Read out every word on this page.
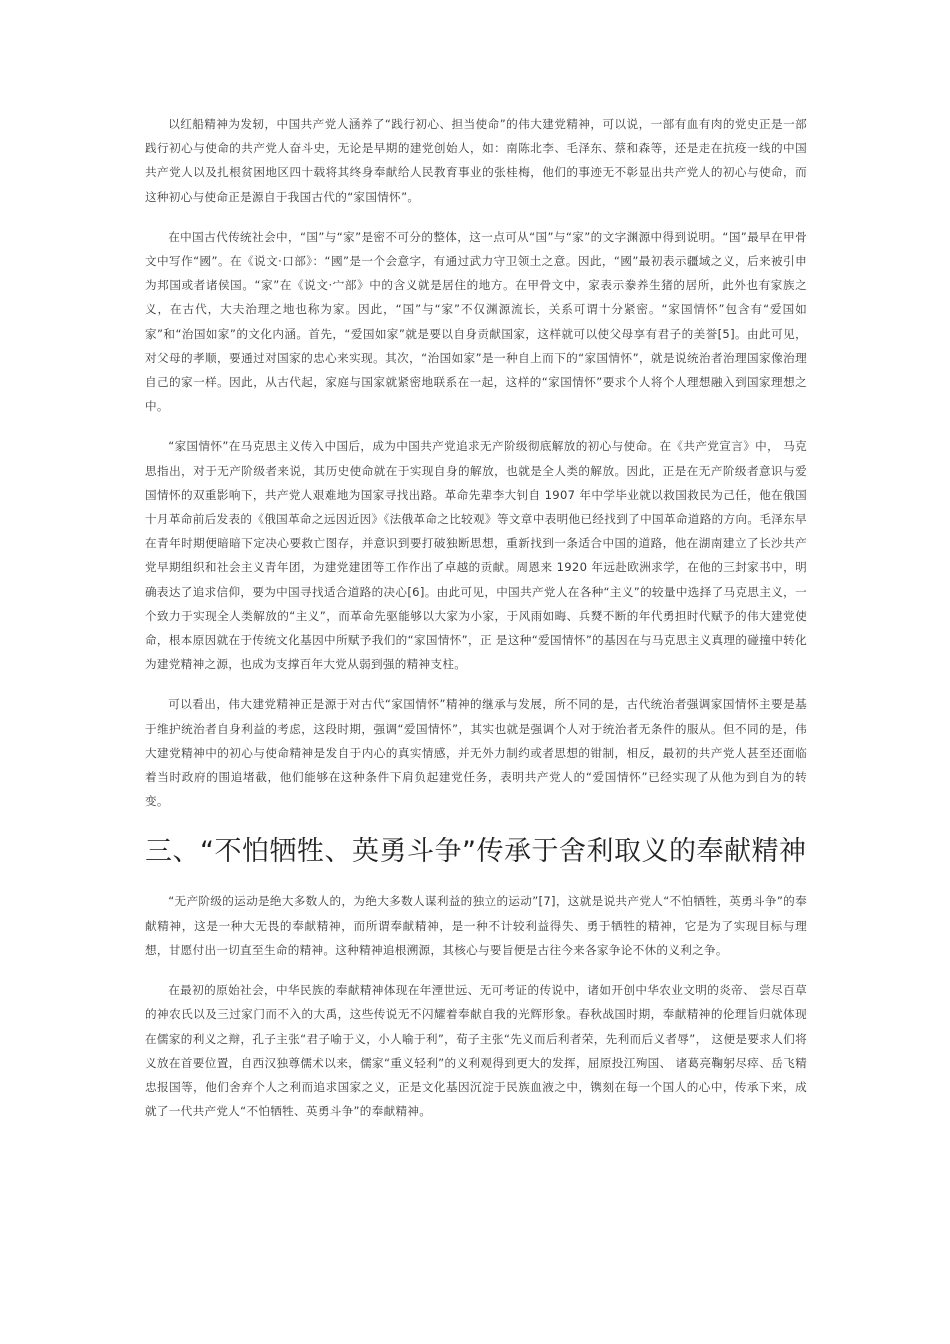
以红船精神为发轫，中国共产党人涵养了“践行初心、担当使命”的伟大建党精神，可以说，一部有血有肉的党史正是一部践行初心与使命的共产党人奋斗史，无论是早期的建党创始人，如：南陈北李、毛泽东、蔡和森等，还是走在抗疫一线的中国共产党人以及扎根贫困地区四十载将其终身奉献给人民教育事业的张桂梅，他们的事迹无不彰显出共产党人的初心与使命，而这种初心与使命正是源自于我国古代的“家国情怀”。

在中国古代传统社会中，“国”与“家”是密不可分的整体，这一点可从“国”与“家”的文字渊源中得到说明。“国”最早在甲骨文中写作“國”。在《说文·口部》：“國”是一个会意字，有通过武力守卫领土之意。因此，“國”最初表示疆域之义，后来被引申为邦国或者诸侯国。“家”在《说文·宀部》中的含义就是居住的地方。在甲骨文中，家表示豢养生猪的居所，此外也有家族之义，在古代，大夫治理之地也称为家。因此，“国”与“家”不仅渊源流长，关系可谓十分紧密。“家国情怀”包含有“爱国如家”和“治国如家”的文化内涵。首先，“爱国如家”就是要以自身贡献国家，这样就可以使父母享有君子的美誉[5]。由此可见，对父母的孝顺，要通过对国家的忠心来实现。其次，“治国如家”是一种自上而下的“家国情怀”，就是说统治者治理国家像治理自己的家一样。因此，从古代起，家庭与国家就紧密地联系在一起，这样的“家国情怀”要求个人将个人理想融入到国家理想之中。

“家国情怀”在马克思主义传入中国后，成为中国共产党追求无产阶级彻底解放的初心与使命。在《共产党宣言》中， 马克思指出，对于无产阶级者来说，其历史使命就在于实现自身的解放，也就是全人类的解放。因此，正是在无产阶级者意识与爱国情怀的双重影响下，共产党人艰难地为国家寻找出路。革命先辈李大钊自 1907 年中学毕业就以救国救民为己任，他在俄国十月革命前后发表的《俄国革命之远因近因》《法俄革命之比较观》等文章中表明他已经找到了中国革命道路的方向。毛泽东早在青年时期便暗暗下定决心要救亡图存，并意识到要打破独断思想，重新找到一条适合中国的道路，他在湖南建立了长沙共产党早期组织和社会主义青年团，为建党建团等工作作出了卓越的贡献。周恩来 1920 年远赴欧洲求学，在他的三封家书中，明确表达了追求信仰，要为中国寻找适合道路的决心[6]。由此可见，中国共产党人在各种“主义”的较量中选择了马克思主义，一个致力于实现全人类解放的“主义”，而革命先驱能够以大家为小家，于风雨如晦、兵燹不断的年代勇担时代赋予的伟大建党使命，根本原因就在于传统文化基因中所赋予我们的“家国情怀”，正 是这种“爱国情怀”的基因在与马克思主义真理的碰撞中转化为建党精神之源，也成为支撑百年大党从弱到强的精神支柱。

可以看出，伟大建党精神正是源于对古代“家国情怀”精神的继承与发展，所不同的是，古代统治者强调家国情怀主要是基于维护统治者自身利益的考虑，这段时期，强调“爱国情怀”，其实也就是强调个人对于统治者无条件的服从。但不同的是，伟大建党精神中的初心与使命精神是发自于内心的真实情感，并无外力制约或者思想的钳制，相反，最初的共产党人甚至还面临着当时政府的围追堵截，他们能够在这种条件下肩负起建党任务，表明共产党人的“爱国情怀”已经实现了从他为到自为的转变。

三、“不怕牺牲、英勇斗争”传承于舍利取义的奉献精神

“无产阶级的运动是绝大多数人的，为绝大多数人谋利益的独立的运动”[7]，这就是说共产党人“不怕牺牲，英勇斗争”的奉献精神，这是一种大无畏的奉献精神，而所谓奉献精神，是一种不计较利益得失、勇于牺牲的精神，它是为了实现目标与理想，甘愿付出一切直至生命的精神。这种精神追根溯源，其核心与要旨便是古往今来各家争论不休的义利之争。

在最初的原始社会，中华民族的奉献精神体现在年湮世远、无可考证的传说中，诸如开创中华农业文明的炎帝、 尝尽百草的神农氏以及三过家门而不入的大禹，这些传说无不闪耀着奉献自我的光辉形象。春秋战国时期，奉献精神的伦理旨归就体现在儒家的利义之辩，孔子主张“君子喻于义，小人喻于利”，荀子主张“先义而后利者荣，先利而后义者辱”， 这便是要求人们将义放在首要位置，自西汉独尊儒术以来，儒家“重义轻利”的义利观得到更大的发挥，屈原投江殉国、 诸葛亮鞠躬尽瘁、岳飞精忠报国等，他们舍弃个人之利而追求国家之义，正是文化基因沉淀于民族血液之中，镌刻在每一个国人的心中，传承下来，成就了一代共产党人“不怕牺牲、英勇斗争”的奉献精神。
